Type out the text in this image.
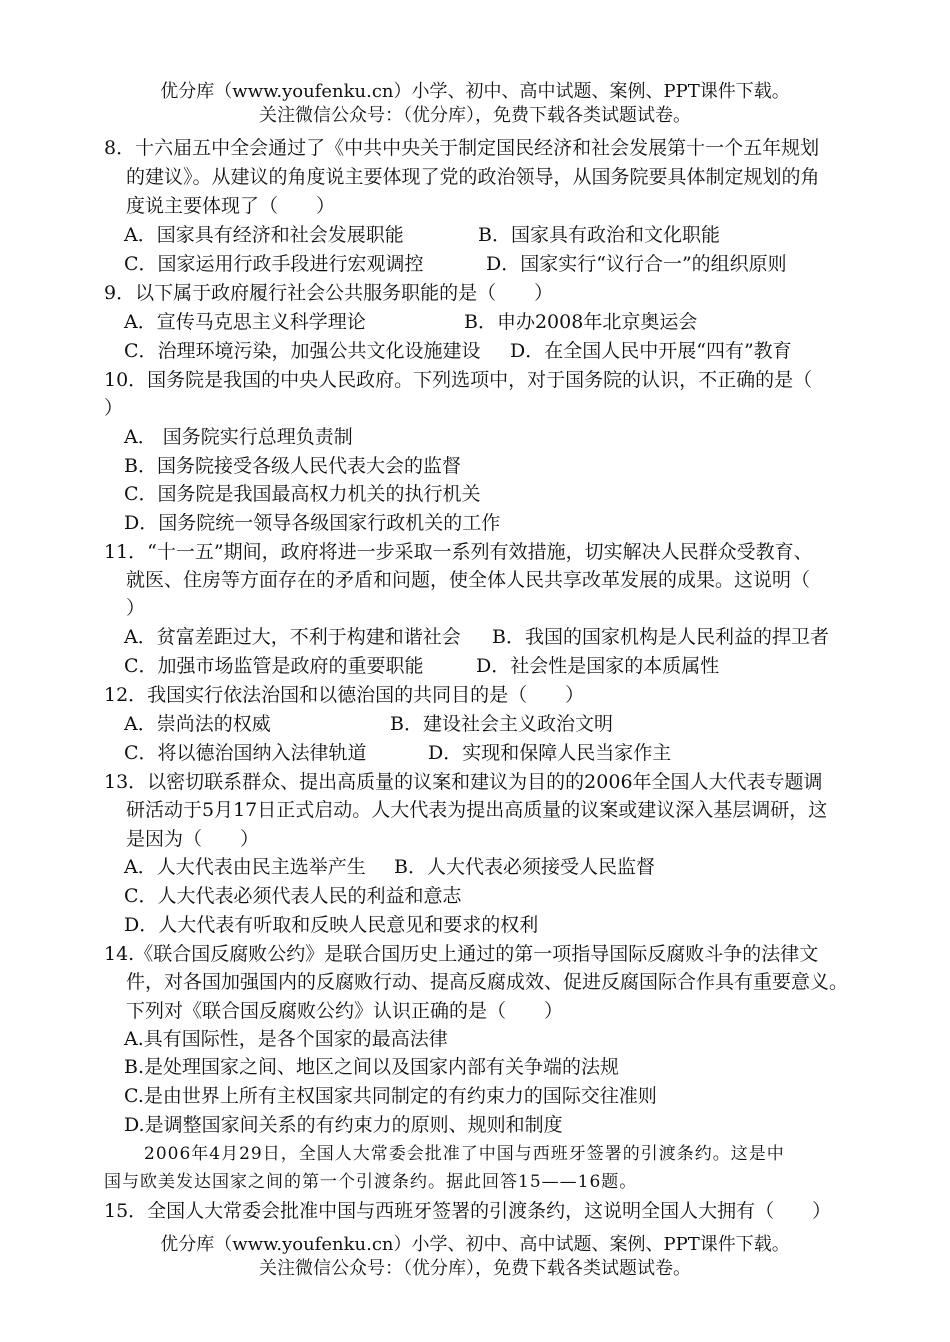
优分库（www.youfenku.cn）小学、初中、高中试题、案例、PPT课件下载。
关注微信公众号：（优分库），免费下载各类试题试卷。
8．十六届五中全会通过了《中共中央关于制定国民经济和社会发展第十一个五年规划
的建议》。从建议的角度说主要体现了党的政治领导，从国务院要具体制定规划的角
度说主要体现了（　　）
A．国家具有经济和社会发展职能	B．国家具有政治和文化职能
C．国家运用行政手段进行宏观调控	D．国家实行“议行合一”的组织原则
9．以下属于政府履行社会公共服务职能的是（　　）
A．宣传马克思主义科学理论	B．申办2008年北京奥运会
C．治理环境污染，加强公共文化设施建设 D．在全国人民中开展“四有”教育
10．国务院是我国的中央人民政府。下列选项中，对于国务院的认识，不正确的是（
）
A． 国务院实行总理负责制
B．国务院接受各级人民代表大会的监督
C．国务院是我国最高权力机关的执行机关
D．国务院统一领导各级国家行政机关的工作
11．“十一五”期间，政府将进一步采取一系列有效措施，切实解决人民群众受教育、
就医、住房等方面存在的矛盾和问题，使全体人民共享改革发展的成果。这说明（
）
A．贫富差距过大，不利于构建和谐社会 B．我国的国家机构是人民利益的捍卫者
C．加强市场监管是政府的重要职能	D．社会性是国家的本质属性
12．我国实行依法治国和以德治国的共同目的是（　　）
A．崇尚法的权威	B．建设社会主义政治文明
C．将以德治国纳入法律轨道	D．实现和保障人民当家作主
13．以密切联系群众、提出高质量的议案和建议为目的的2006年全国人大代表专题调
研活动于5月17日正式启动。人大代表为提出高质量的议案或建议深入基层调研，这
是因为（　　）
A．人大代表由民主选举产生 B．人大代表必须接受人民监督
C．人大代表必须代表人民的利益和意志
D．人大代表有听取和反映人民意见和要求的权利
14.《联合国反腐败公约》是联合国历史上通过的第一项指导国际反腐败斗争的法律文
件，对各国加强国内的反腐败行动、提高反腐成效、促进反腐国际合作具有重要意义。
下列对《联合国反腐败公约》认识正确的是（　　）
A.具有国际性，是各个国家的最高法律
B.是处理国家之间、地区之间以及国家内部有关争端的法规
C.是由世界上所有主权国家共同制定的有约束力的国际交往准则
D.是调整国家间关系的有约束力的原则、规则和制度
2006年4月29日，全国人大常委会批准了中国与西班牙签署的引渡条约。这是中
国与欧美发达国家之间的第一个引渡条约。据此回答15——16题。
15．全国人大常委会批准中国与西班牙签署的引渡条约，这说明全国人大拥有（　　）
优分库（www.youfenku.cn）小学、初中、高中试题、案例、PPT课件下载。
关注微信公众号：（优分库），免费下载各类试题试卷。
